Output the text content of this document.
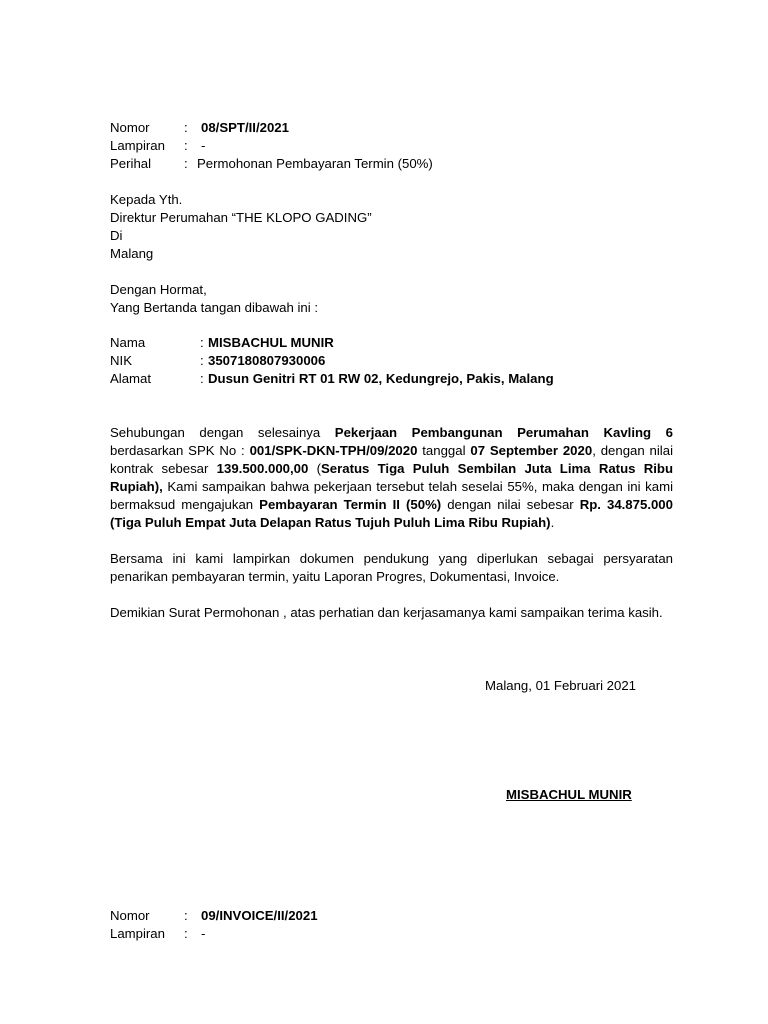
Nomor	: 08/SPT/II/2021
Lampiran : -
Perihal : Permohonan Pembayaran Termin (50%)
Kepada Yth.
Direktur Perumahan “THE KLOPO GADING”
Di
Malang
Dengan Hormat,
Yang Bertanda tangan dibawah ini :
Nama	: MISBACHUL MUNIR
NIK	: 3507180807930006
Alamat	: Dusun Genitri RT 01 RW 02, Kedungrejo, Pakis, Malang
Sehubungan dengan selesainya Pekerjaan Pembangunan Perumahan Kavling 6 berdasarkan SPK No : 001/SPK-DKN-TPH/09/2020 tanggal 07 September 2020, dengan nilai kontrak sebesar 139.500.000,00 (Seratus Tiga Puluh Sembilan Juta Lima Ratus Ribu Rupiah), Kami sampaikan bahwa pekerjaan tersebut telah seselai 55%, maka dengan ini kami bermaksud mengajukan Pembayaran Termin II (50%) dengan nilai sebesar Rp. 34.875.000 (Tiga Puluh Empat Juta Delapan Ratus Tujuh Puluh Lima Ribu Rupiah).
Bersama ini kami lampirkan dokumen pendukung yang diperlukan sebagai persyaratan penarikan pembayaran termin, yaitu Laporan Progres, Dokumentasi, Invoice.
Demikian Surat Permohonan , atas perhatian dan kerjasamanya kami sampaikan terima kasih.
Malang, 01 Februari 2021
MISBACHUL MUNIR
Nomor	: 09/INVOICE/II/2021
Lampiran : -
